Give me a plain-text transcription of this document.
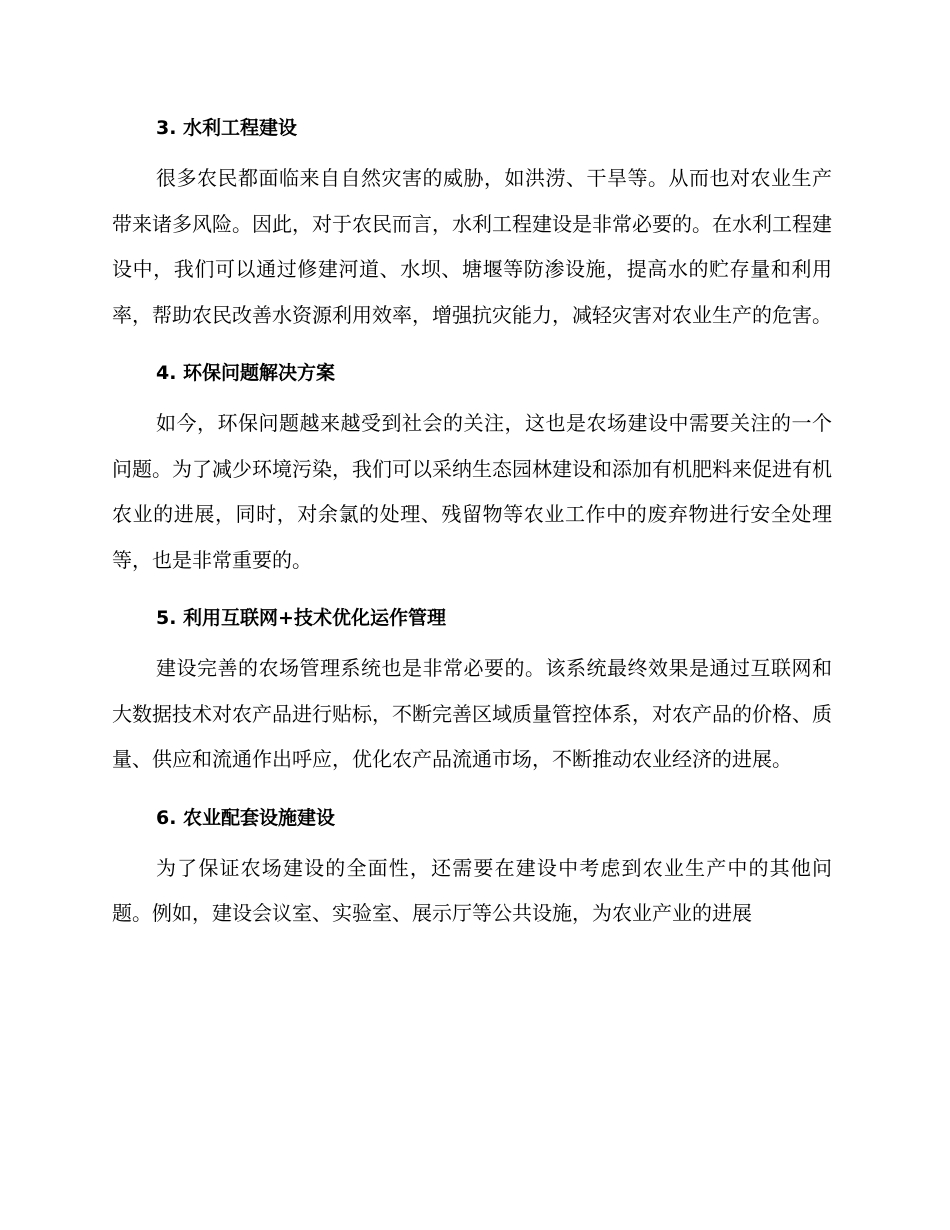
3. 水利工程建设

很多农民都面临来自自然灾害的威胁，如洪涝、干旱等。从而也对农业生产带来诸多风险。因此，对于农民而言，水利工程建设是非常必要的。在水利工程建设中，我们可以通过修建河道、水坝、塘堰等防渗设施，提高水的贮存量和利用率，帮助农民改善水资源利用效率，增强抗灾能力，减轻灾害对农业生产的危害。

4. 环保问题解决方案

如今，环保问题越来越受到社会的关注，这也是农场建设中需要关注的一个问题。为了减少环境污染，我们可以采纳生态园林建设和添加有机肥料来促进有机农业的进展，同时，对余氯的处理、残留物等农业工作中的废弃物进行安全处理等，也是非常重要的。

5. 利用互联网+技术优化运作管理

建设完善的农场管理系统也是非常必要的。该系统最终效果是通过互联网和大数据技术对农产品进行贴标，不断完善区域质量管控体系，对农产品的价格、质量、供应和流通作出呼应，优化农产品流通市场，不断推动农业经济的进展。

6. 农业配套设施建设

为了保证农场建设的全面性，还需要在建设中考虑到农业生产中的其他问题。例如，建设会议室、实验室、展示厅等公共设施，为农业产业的进展
